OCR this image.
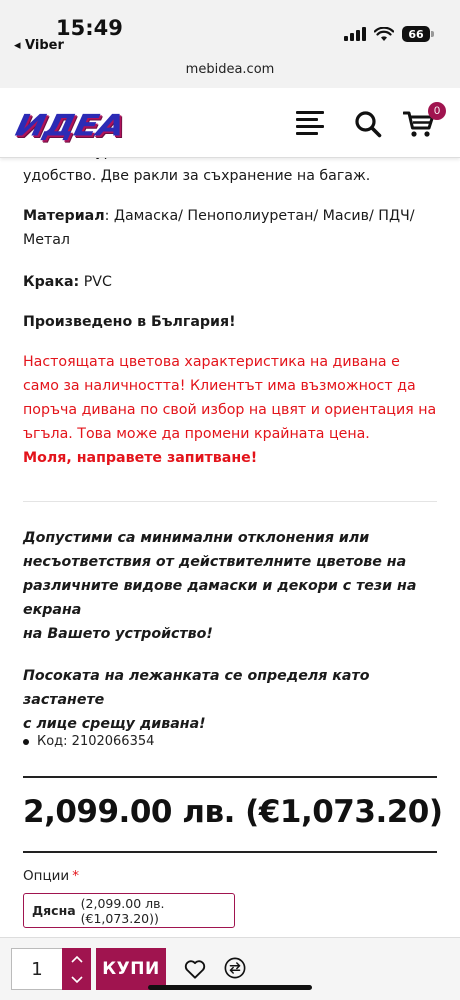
15:49
◂ Viber
66
mebidea.com

удобство. Две ракли за съхранение на багаж.

Материал: Дамаска/ Пенополиуретан/ Масив/ ПДЧ/

Метал

Крака: PVC

Произведено в България!

Настоящата цветова характеристика на дивана е

само за наличността! Клиентът има възможност да

поръча дивана по свой избор на цвят и ориентация на

ъгъла. Това може да промени крайната цена.

Моля, направете запитване!

Допустими са минимални отклонения или

несъответствия от действителните цветове на

различните видове дамаски и декори с тези на екрана

на Вашето устройство!

Посоката на лежанката се определя като застанете

с лице срещу дивана!

Код: 2102066354
2,099.00 лв. (€1,073.20)
Опции *
Дясна (2,099.00 лв. (€1,073.20))
ИДЕА	0
1	КУПИ
